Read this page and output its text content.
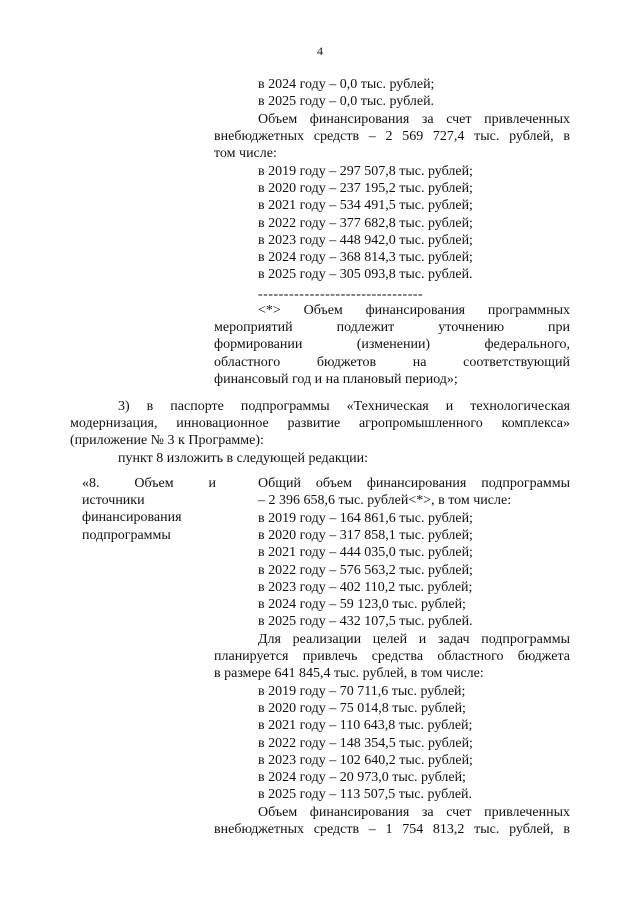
4
в 2024 году – 0,0 тыс. рублей;
в 2025 году – 0,0 тыс. рублей.
Объем финансирования за счет привлеченных
внебюджетных средств – 2 569 727,4 тыс. рублей, в
том числе:
в 2019 году – 297 507,8 тыс. рублей;
в 2020 году – 237 195,2 тыс. рублей;
в 2021 году – 534 491,5 тыс. рублей;
в 2022 году – 377 682,8 тыс. рублей;
в 2023 году – 448 942,0 тыс. рублей;
в 2024 году – 368 814,3 тыс. рублей;
в 2025 году – 305 093,8 тыс. рублей.
--------------------------------
<*> Объем финансирования программных
мероприятий подлежит уточнению при
формировании (изменении) федерального,
областного бюджетов на соответствующий
финансовый год и на плановый период»;
3) в паспорте подпрограммы «Техническая и технологическая
модернизация, инновационное развитие агропромышленного комплекса»
(приложение № 3 к Программе):
пункт 8 изложить в следующей редакции:
«8. Объем и
источники
финансирования
подпрограммы
Общий объем финансирования подпрограммы
– 2 396 658,6 тыс. рублей<*>, в том числе:
в 2019 году – 164 861,6 тыс. рублей;
в 2020 году – 317 858,1 тыс. рублей;
в 2021 году – 444 035,0 тыс. рублей;
в 2022 году – 576 563,2 тыс. рублей;
в 2023 году – 402 110,2 тыс. рублей;
в 2024 году – 59 123,0 тыс. рублей;
в 2025 году – 432 107,5 тыс. рублей.
Для реализации целей и задач подпрограммы
планируется привлечь средства областного бюджета
в размере 641 845,4 тыс. рублей, в том числе:
в 2019 году – 70 711,6 тыс. рублей;
в 2020 году – 75 014,8 тыс. рублей;
в 2021 году – 110 643,8 тыс. рублей;
в 2022 году – 148 354,5 тыс. рублей;
в 2023 году – 102 640,2 тыс. рублей;
в 2024 году – 20 973,0 тыс. рублей;
в 2025 году – 113 507,5 тыс. рублей.
Объем финансирования за счет привлеченных
внебюджетных средств – 1 754 813,2 тыс. рублей, в
